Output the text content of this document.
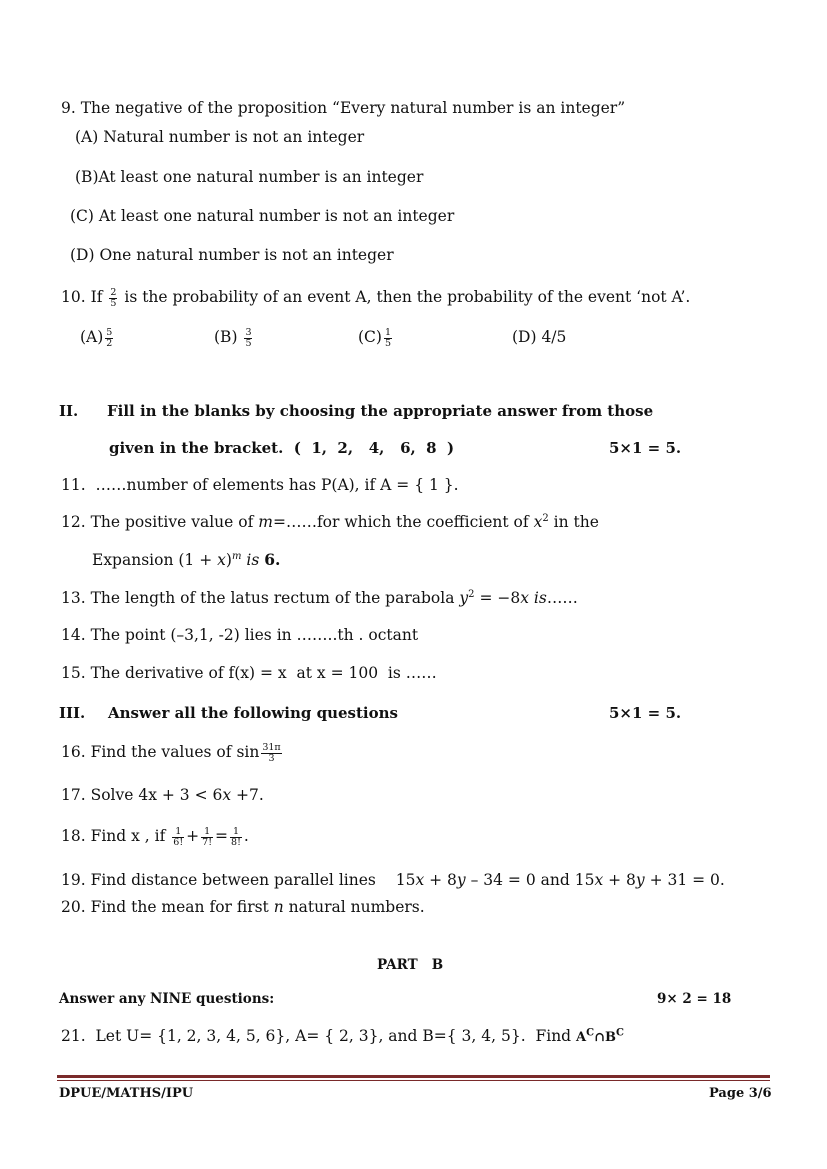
9. The negative of the proposition “Every natural number is an integer”
(A) Natural number is not an integer
(B)At least one natural number is an integer
(C) At least one natural number is not an integer
(D) One natural number is not an integer
10. If $\frac{2}{5}$ is the probability of an event A, then the probability of the event ‘not A’.
$(A) \frac{5}{2}$	$(B) \frac{3}{5}$	$(C) \frac{1}{5}$	(D) 4/5
II. Fill in the blanks by choosing the appropriate answer from those
given in the bracket.  (  1,  2,   4,   6,  8  )	5×1 = 5.
11.  ……number of elements has P(A), if A = { 1 }.
12. The positive value of m=……for which the coefficient of $x^2$ in the
Expansion $(1 + x)^m$ is 6.
13. The length of the latus rectum of the parabola $y^2 = -8x$ is……
14. The point (–3,1, -2) lies in ……..th . octant
15. The derivative of f(x) = x  at x = 100  is ……
III. Answer all the following questions	5×1 = 5.
16. Find the values of $\sin \frac{31\pi}{3}$
17. Solve 4x + 3 < 6x +7.
18. Find x , if $\frac{1}{6!} + \frac{1}{7!} = \frac{1}{8!}$ .
19. Find distance between parallel lines 15x + 8y – 34 = 0 and 15x + 8y + 31 = 0.
20. Find the mean for first n natural numbers.
PART   B
Answer any NINE questions:	9× 2 = 18
21.  Let U= {1, 2, 3, 4, 5, 6}, A= { 2, 3}, and B={ 3, 4, 5}.  Find $A^C\cap B^C$
DPUE/MATHS/IPU	Page 3/6
